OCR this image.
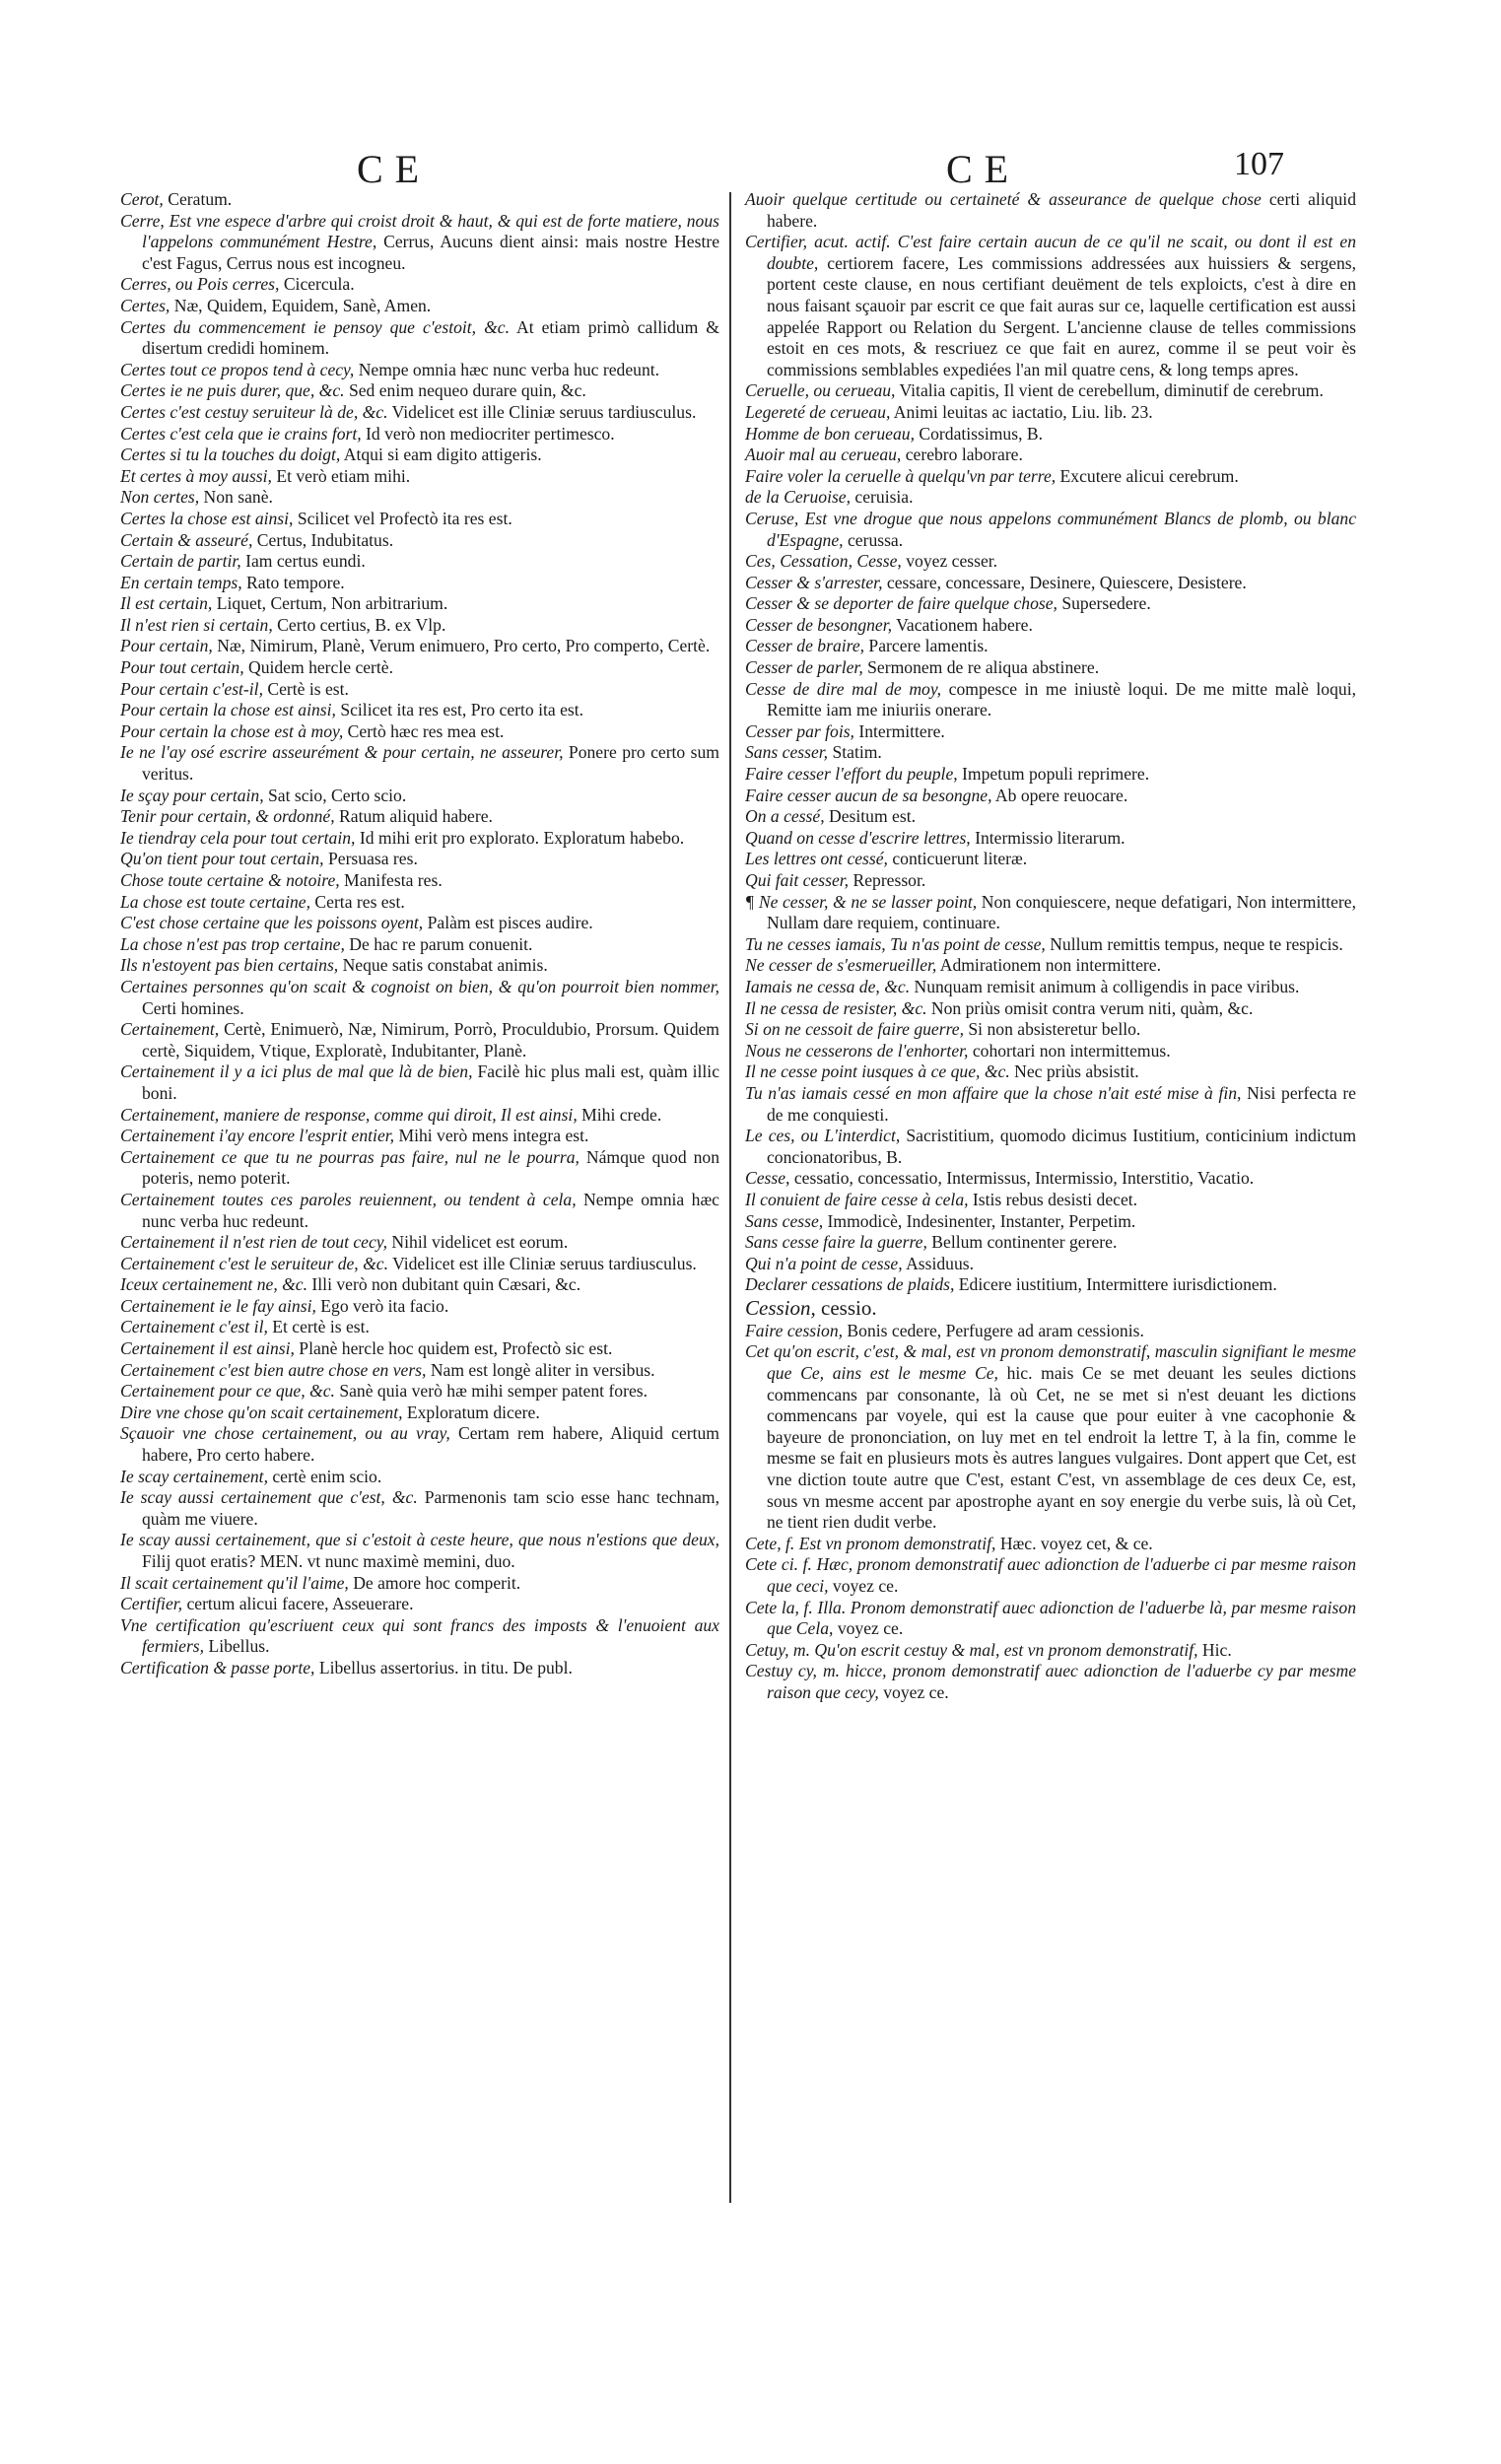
CE	CE	107

Cerot, Ceratum.

Cerre, Est vne espece d'arbre qui croist droit & haut, & qui est de forte matiere, nous l'appelons communément Hestre, Cerrus, Aucuns dient ainsi: mais nostre Hestre c'est Fagus, Cerrus nous est incogneu.

Cerres, ou Pois cerres, Cicercula.

Certes, Næ, Quidem, Equidem, Sanè, Amen.

Certes du commencement ie pensoy que c'estoit, &c. At etiam primò callidum & disertum credidi hominem.

Certes tout ce propos tend à cecy, Nempe omnia hæc nunc verba huc redeunt.

Certes ie ne puis durer, que, &c. Sed enim nequeo durare quin, &c.

Certes c'est cestuy seruiteur là de, &c. Videlicet est ille Cliniæ seruus tardiusculus.

Certes c'est cela que ie crains fort, Id verò non mediocriter pertimesco.

Certes si tu la touches du doigt, Atqui si eam digito attigeris.

Et certes à moy aussi, Et verò etiam mihi.

Non certes, Non sanè.

Certes la chose est ainsi, Scilicet vel Profectò ita res est.

Certain & asseuré, Certus, Indubitatus.

Certain de partir, Iam certus eundi.

En certain temps, Rato tempore.

Il est certain, Liquet, Certum, Non arbitrarium.

Il n'est rien si certain, Certo certius, B. ex Vlp.

Pour certain, Næ, Nimirum, Planè, Verum enimuero, Pro certo, Pro comperto, Certè.

Pour tout certain, Quidem hercle certè.

Pour certain c'est-il, Certè is est.

Pour certain la chose est ainsi, Scilicet ita res est, Pro certo ita est.

Pour certain la chose est à moy, Certò hæc res mea est.

Ie ne l'ay osé escrire asseurément & pour certain, ne asseurer, Ponere pro certo sum veritus.

Ie sçay pour certain, Sat scio, Certo scio.

Tenir pour certain, & ordonné, Ratum aliquid habere.

Ie tiendray cela pour tout certain, Id mihi erit pro explorato. Exploratum habebo.

Qu'on tient pour tout certain, Persuasa res.

Chose toute certaine & notoire, Manifesta res.

La chose est toute certaine, Certa res est.

C'est chose certaine que les poissons oyent, Palàm est pisces audire.

La chose n'est pas trop certaine, De hac re parum conuenit.

Ils n'estoyent pas bien certains, Neque satis constabat animis.

Certaines personnes qu'on scait & cognoist on bien, & qu'on pourroit bien nommer, Certi homines.

Certainement, Certè, Enimuerò, Næ, Nimirum, Porrò, Proculdubio, Prorsum. Quidem certè, Siquidem, Vtique, Exploratè, Indubitanter, Planè.

Certainement il y a ici plus de mal que là de bien, Facilè hic plus mali est, quàm illic boni.

Certainement, maniere de response, comme qui diroit, Il est ainsi, Mihi crede.

Certainement i'ay encore l'esprit entier, Mihi verò mens integra est.

Certainement ce que tu ne pourras pas faire, nul ne le pourra, Námque quod non poteris, nemo poterit.

Certainement toutes ces paroles reuiennent, ou tendent à cela, Nempe omnia hæc nunc verba huc redeunt.

Certainement il n'est rien de tout cecy, Nihil videlicet est eorum.

Certainement c'est le seruiteur de, &c. Videlicet est ille Cliniæ seruus tardiusculus.

Iceux certainement ne, &c. Illi verò non dubitant quin Cæsari, &c.

Certainement ie le fay ainsi, Ego verò ita facio.

Certainement c'est il, Et certè is est.

Certainement il est ainsi, Planè hercle hoc quidem est, Profectò sic est.

Certainement c'est bien autre chose en vers, Nam est longè aliter in versibus.

Certainement pour ce que, &c. Sanè quia verò hæ mihi semper patent fores.

Dire vne chose qu'on scait certainement, Exploratum dicere.

Sçauoir vne chose certainement, ou au vray, Certam rem habere, Aliquid certum habere, Pro certo habere.

Ie scay certainement, certè enim scio.

Ie scay aussi certainement que c'est, &c. Parmenonis tam scio esse hanc technam, quàm me viuere.

Ie scay aussi certainement, que si c'estoit à ceste heure, que nous n'estions que deux, Filij quot eratis? MEN. vt nunc maximè memini, duo.

Il scait certainement qu'il l'aime, De amore hoc comperit.

Certifier, certum alicui facere, Asseuerare.

Vne certification qu'escriuent ceux qui sont francs des imposts & l'enuoient aux fermiers, Libellus.

Certification & passe porte, Libellus assertorius. in titu. De publ.

Auoir quelque certitude ou certaineté & asseurance de quelque chose certi aliquid habere.

Certifier, acut. actif. C'est faire certain aucun de ce qu'il ne scait, ou dont il est en doubte, certiorem facere, Les commissions addressées aux huissiers & sergens, portent ceste clause, en nous certifiant deuëment de tels exploicts, c'est à dire en nous faisant sçauoir par escrit ce que fait auras sur ce, laquelle certification est aussi appelée Rapport ou Relation du Sergent. L'ancienne clause de telles commissions estoit en ces mots, & rescriuez ce que fait en aurez, comme il se peut voir ès commissions semblables expediées l'an mil quatre cens, & long temps apres.

Ceruelle, ou cerueau, Vitalia capitis, Il vient de cerebellum, diminutif de cerebrum.

Legereté de cerueau, Animi leuitas ac iactatio, Liu. lib. 23.

Homme de bon cerueau, Cordatissimus, B.

Auoir mal au cerueau, cerebro laborare.

Faire voler la ceruelle à quelqu'vn par terre, Excutere alicui cerebrum.

de la Ceruoise, ceruisia.

Ceruse, Est vne drogue que nous appelons communément Blancs de plomb, ou blanc d'Espagne, cerussa.

Ces, Cessation, Cesse, voyez cesser.

Cesser & s'arrester, cessare, concessare, Desinere, Quiescere, Desistere.

Cesser & se deporter de faire quelque chose, Supersedere.

Cesser de besongner, Vacationem habere.

Cesser de braire, Parcere lamentis.

Cesser de parler, Sermonem de re aliqua abstinere.

Cesse de dire mal de moy, compesce in me iniustè loqui. De me mitte malè loqui, Remitte iam me iniuriis onerare.

Cesser par fois, Intermittere.

Sans cesser, Statim.

Faire cesser l'effort du peuple, Impetum populi reprimere.

Faire cesser aucun de sa besongne, Ab opere reuocare.

On a cessé, Desitum est.

Quand on cesse d'escrire lettres, Intermissio literarum.

Les lettres ont cessé, conticuerunt literæ.

Qui fait cesser, Repressor.

¶ Ne cesser, & ne se lasser point, Non conquiescere, neque defatigari, Non intermittere, Nullam dare requiem, continuare.

Tu ne cesses iamais, Tu n'as point de cesse, Nullum remittis tempus, neque te respicis.

Ne cesser de s'esmerueiller, Admirationem non intermittere.

Iamais ne cessa de, &c. Nunquam remisit animum à colligendis in pace viribus.

Il ne cessa de resister, &c. Non priùs omisit contra verum niti, quàm, &c.

Si on ne cessoit de faire guerre, Si non absisteretur bello.

Nous ne cesserons de l'enhorter, cohortari non intermittemus.

Il ne cesse point iusques à ce que, &c. Nec priùs absistit.

Tu n'as iamais cessé en mon affaire que la chose n'ait esté mise à fin, Nisi perfecta re de me conquiesti.

Le ces, ou L'interdict, Sacristitium, quomodo dicimus Iustitium, conticinium indictum concionatoribus, B.

Cesse, cessatio, concessatio, Intermissus, Intermissio, Interstitio, Vacatio.

Il conuient de faire cesse à cela, Istis rebus desisti decet.

Sans cesse, Immodicè, Indesinenter, Instanter, Perpetim.

Sans cesse faire la guerre, Bellum continenter gerere.

Qui n'a point de cesse, Assiduus.

Declarer cessations de plaids, Edicere iustitium, Intermittere iurisdictionem.

Cession, cessio.

Faire cession, Bonis cedere, Perfugere ad aram cessionis.

Cet qu'on escrit, c'est, & mal, est vn pronom demonstratif, masculin signifiant le mesme que Ce, ains est le mesme Ce, hic. mais Ce se met deuant les seules dictions commencans par consonante, là où Cet, ne se met si n'est deuant les dictions commencans par voyele, qui est la cause que pour euiter à vne cacophonie & bayeure de prononciation, on luy met en tel endroit la lettre T, à la fin, comme le mesme se fait en plusieurs mots ès autres langues vulgaires. Dont appert que Cet, est vne diction toute autre que C'est, estant C'est, vn assemblage de ces deux Ce, est, sous vn mesme accent par apostrophe ayant en soy energie du verbe suis, là où Cet, ne tient rien dudit verbe.

Cete, f. Est vn pronom demonstratif, Hæc. voyez cet, & ce.

Cete ci. f. Hæc, pronom demonstratif auec adionction de l'aduerbe ci par mesme raison que ceci, voyez ce.

Cete la, f. Illa. Pronom demonstratif auec adionction de l'aduerbe là, par mesme raison que Cela, voyez ce.

Cetuy, m. Qu'on escrit cestuy & mal, est vn pronom demonstratif, Hic.

Cestuy cy, m. hicce, pronom demonstratif auec adionction de l'aduerbe cy par mesme raison que cecy, voyez ce.
